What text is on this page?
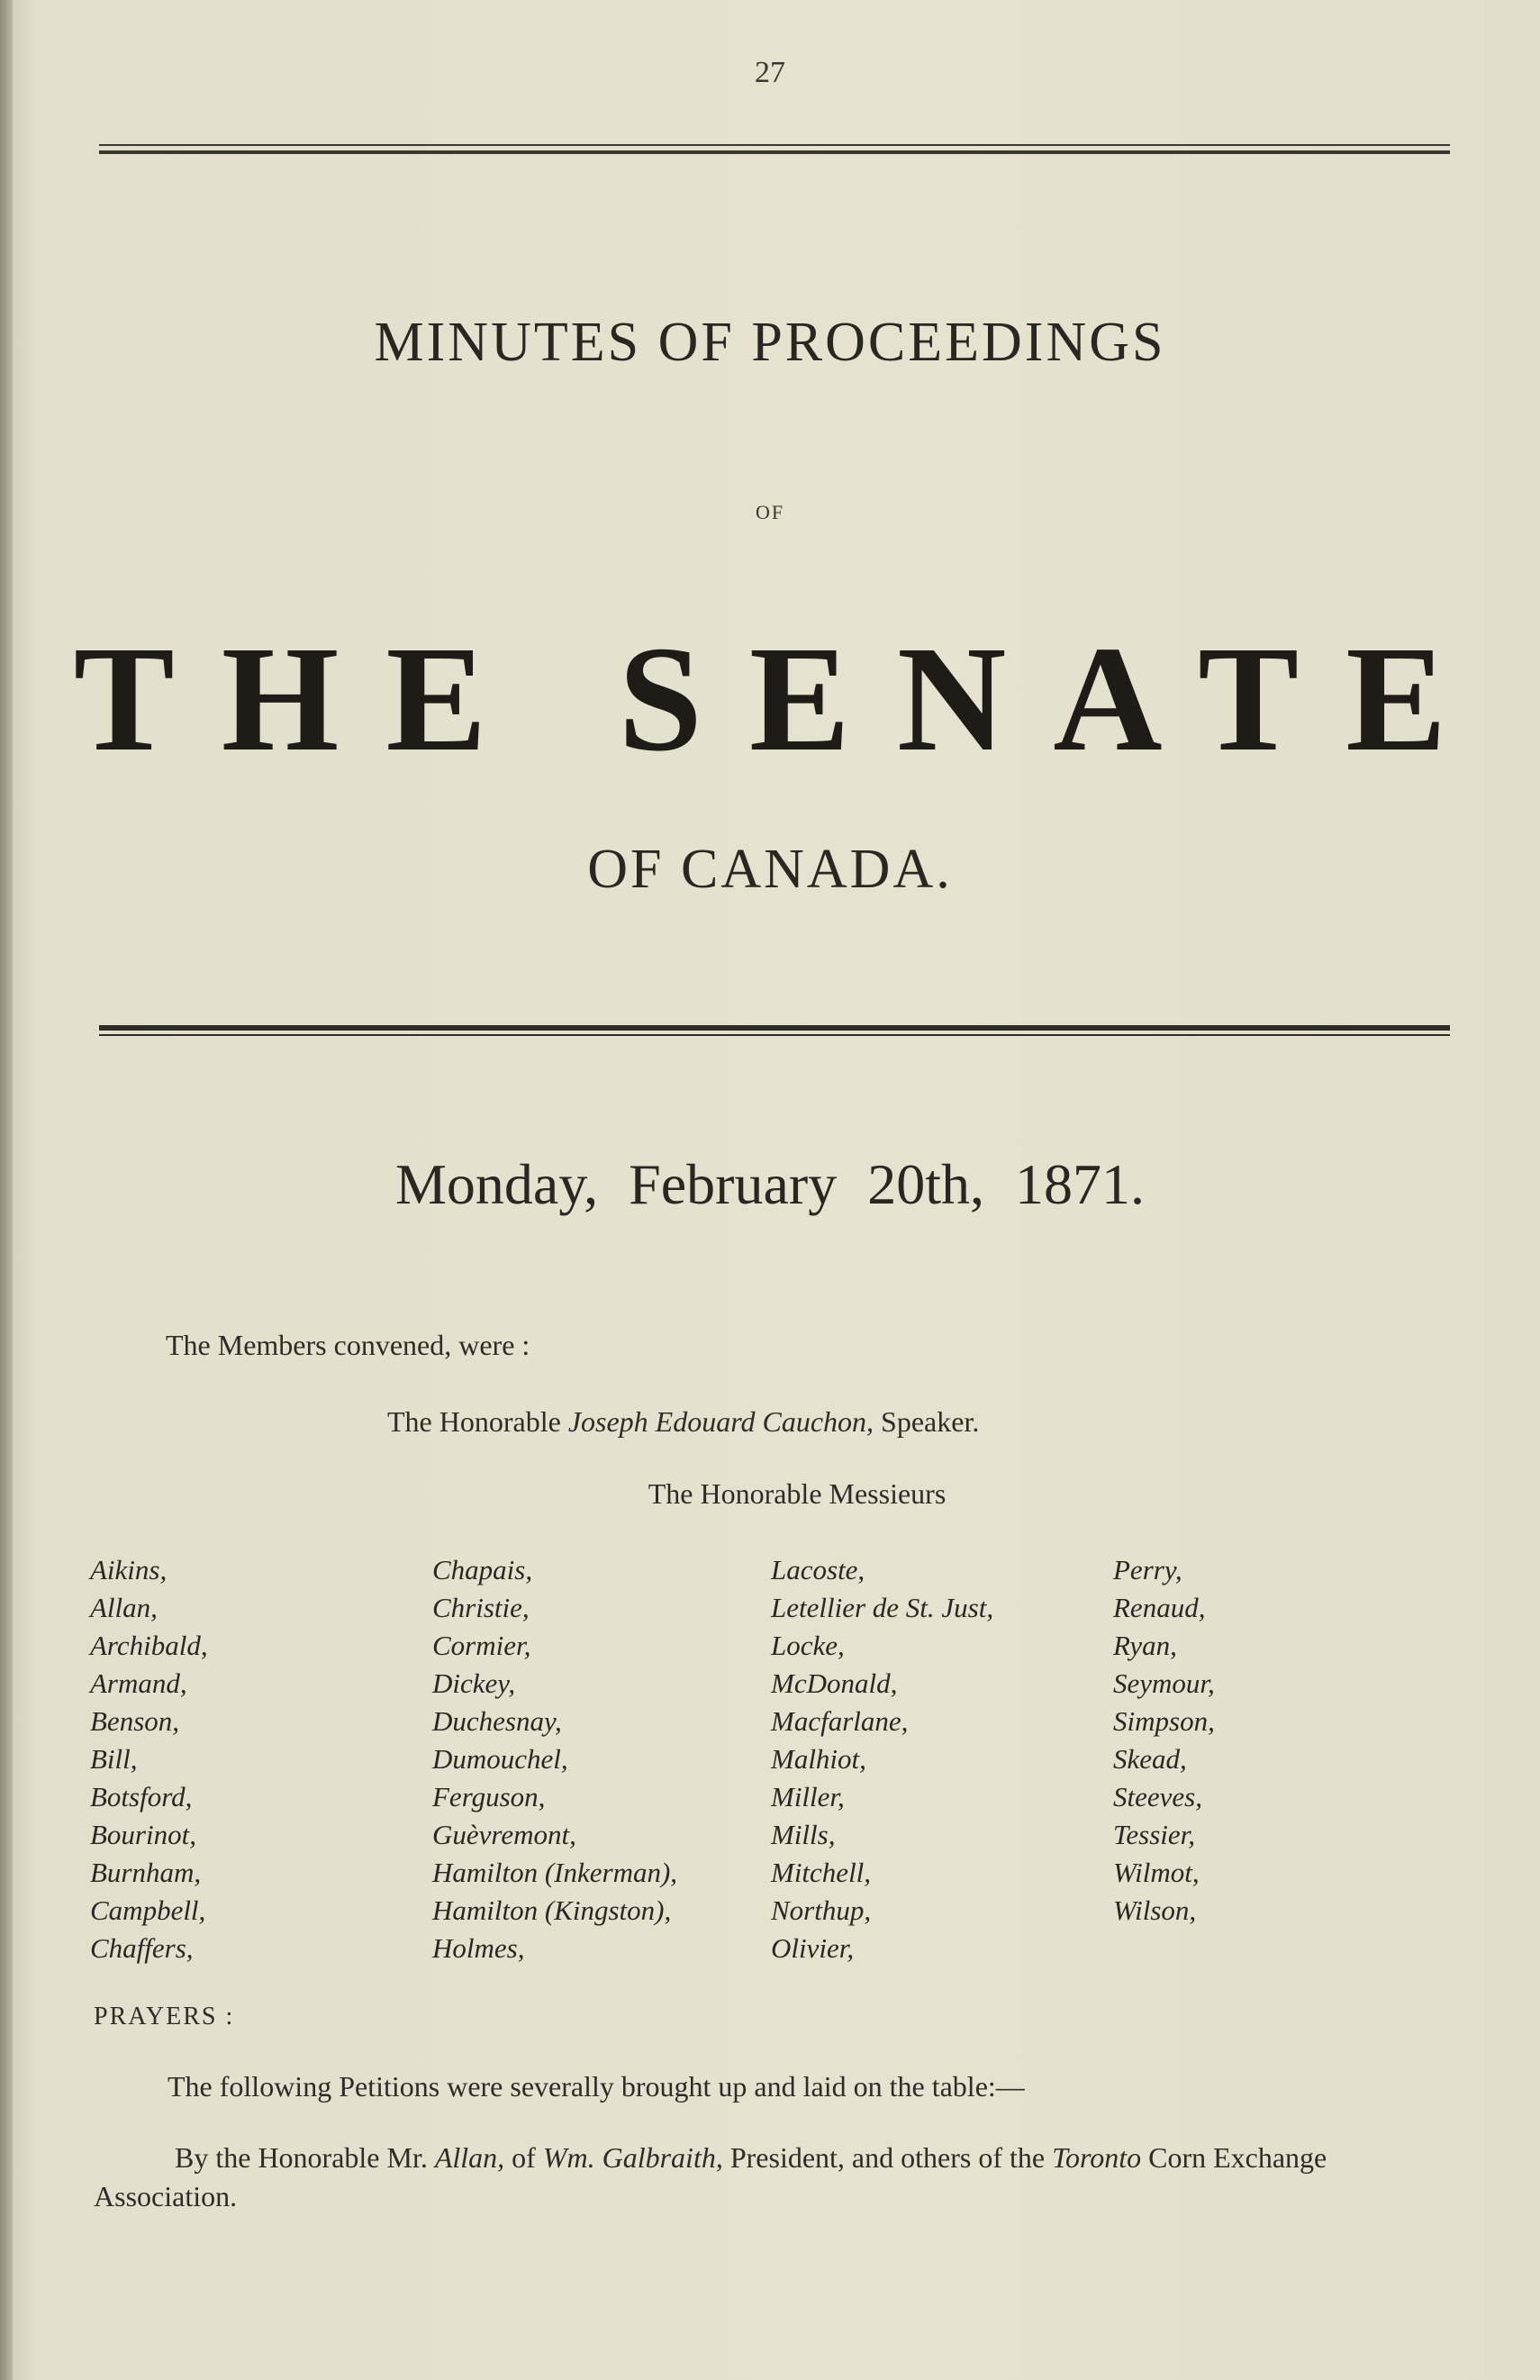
27
MINUTES OF PROCEEDINGS
OF
THE SENATE
OF CANADA.
Monday, February 20th, 1871.
The Members convened, were :
The Honorable Joseph Edouard Cauchon, Speaker.
The Honorable Messieurs
Aikins,
Allan,
Archibald,
Armand,
Benson,
Bill,
Botsford,
Bourinot,
Burnham,
Campbell,
Chaffers,
Chapais,
Christie,
Cormier,
Dickey,
Duchesnay,
Dumouchel,
Ferguson,
Guèvremont,
Hamilton (Inkerman),
Hamilton (Kingston),
Holmes,
Lacoste,
Letellier de St. Just,
Locke,
McDonald,
Macfarlane,
Malhiot,
Miller,
Mills,
Mitchell,
Northup,
Olivier,
Perry,
Renaud,
Ryan,
Seymour,
Simpson,
Skead,
Steeves,
Tessier,
Wilmot,
Wilson,
PRAYERS :
The following Petitions were severally brought up and laid on the table:—
By the Honorable Mr. Allan, of Wm. Galbraith, President, and others of the Toronto Corn Exchange Association.
